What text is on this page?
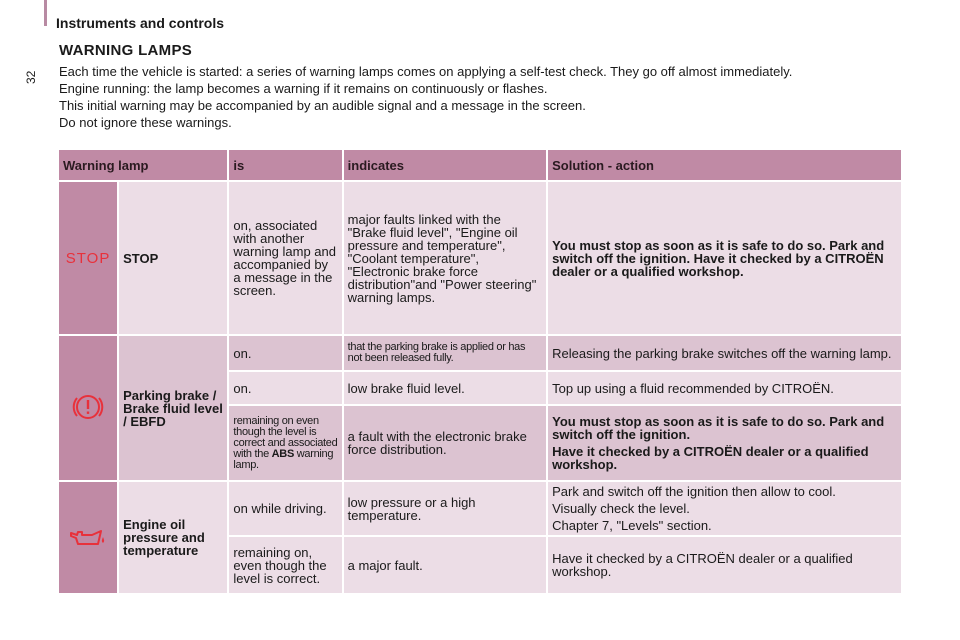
Instruments and controls
32
WARNING LAMPS

Each time the vehicle is started: a series of warning lamps comes on applying a self-test check. They go off almost immediately.

Engine running: the lamp becomes a warning if it remains on continuously or flashes.

This initial warning may be accompanied by an audible signal and a message in the screen.

Do not ignore these warnings.

Warning lamp		is	indicates	Solution - action
STOP	STOP	on, associated with another warning lamp and accompanied by a message in the screen.	major faults linked with the "Brake fluid level", "Engine oil pressure and temperature", "Coolant temperature", "Electronic brake force distribution"and "Power steering" warning lamps.	You must stop as soon as it is safe to do so. Park and switch off the ignition. Have it checked by a CITROËN dealer or a qualified workshop.
	Parking brake / Brake fluid level / EBFD	on.	that the parking brake is applied or has not been released fully.	Releasing the parking brake switches off the warning lamp.
		on.	low brake fluid level.	Top up using a fluid recommended by CITROËN.
		remaining on even though the level is correct and associated with the ABS warning lamp.	a fault with the electronic brake force distribution.	You must stop as soon as it is safe to do so. Park and switch off the ignition.

Have it checked by a CITROËN dealer or a qualified workshop.

	Engine oil pressure and temperature	on while driving.	low pressure or a high temperature.	Park and switch off the ignition then allow to cool.

Visually check the level.

Chapter 7, "Levels" section.

		remaining on, even though the level is correct.	a major fault.	Have it checked by a CITROËN dealer or a qualified workshop.
